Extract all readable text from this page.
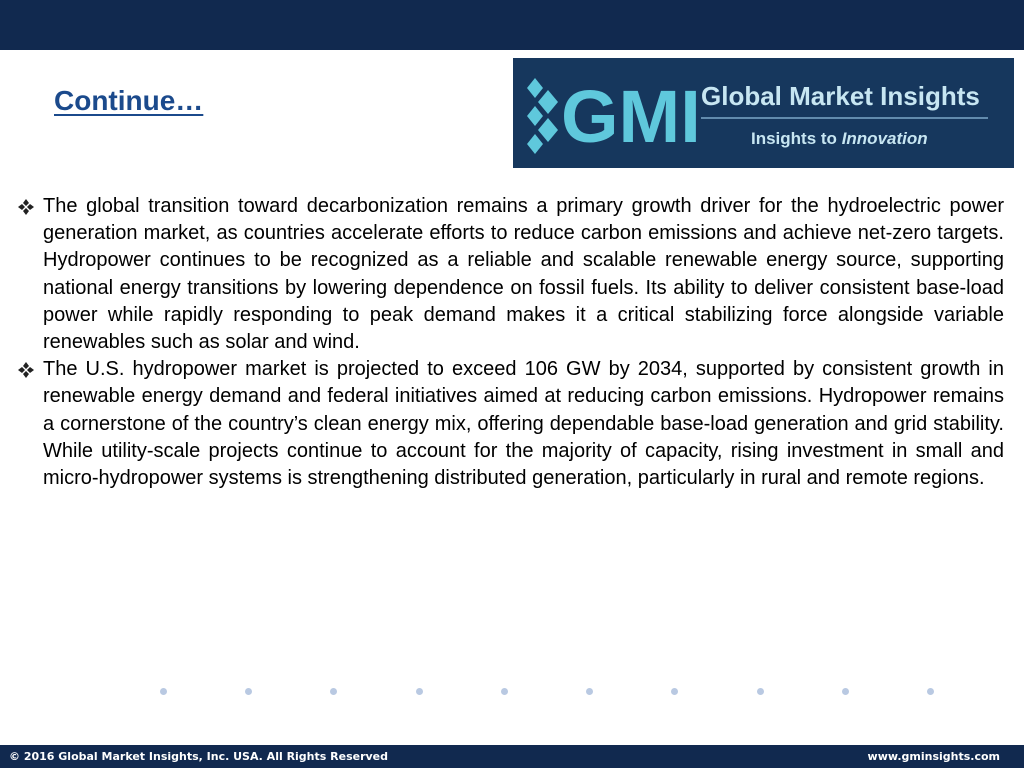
Continue…	GMI Global Market Insights
Insights to Innovation
The global transition toward decarbonization remains a primary growth driver for the hydroelectric power generation market, as countries accelerate efforts to reduce carbon emissions and achieve net-zero targets. Hydropower continues to be recognized as a reliable and scalable renewable energy source, supporting national energy transitions by lowering dependence on fossil fuels. Its ability to deliver consistent base-load power while rapidly responding to peak demand makes it a critical stabilizing force alongside variable renewables such as solar and wind.
The U.S. hydropower market is projected to exceed 106 GW by 2034, supported by consistent growth in renewable energy demand and federal initiatives aimed at reducing carbon emissions. Hydropower remains a cornerstone of the country’s clean energy mix, offering dependable base-load generation and grid stability. While utility-scale projects continue to account for the majority of capacity, rising investment in small and micro-hydropower systems is strengthening distributed generation, particularly in rural and remote regions.
© 2016 Global Market Insights, Inc. USA. All Rights Reserved	www.gminsights.com
